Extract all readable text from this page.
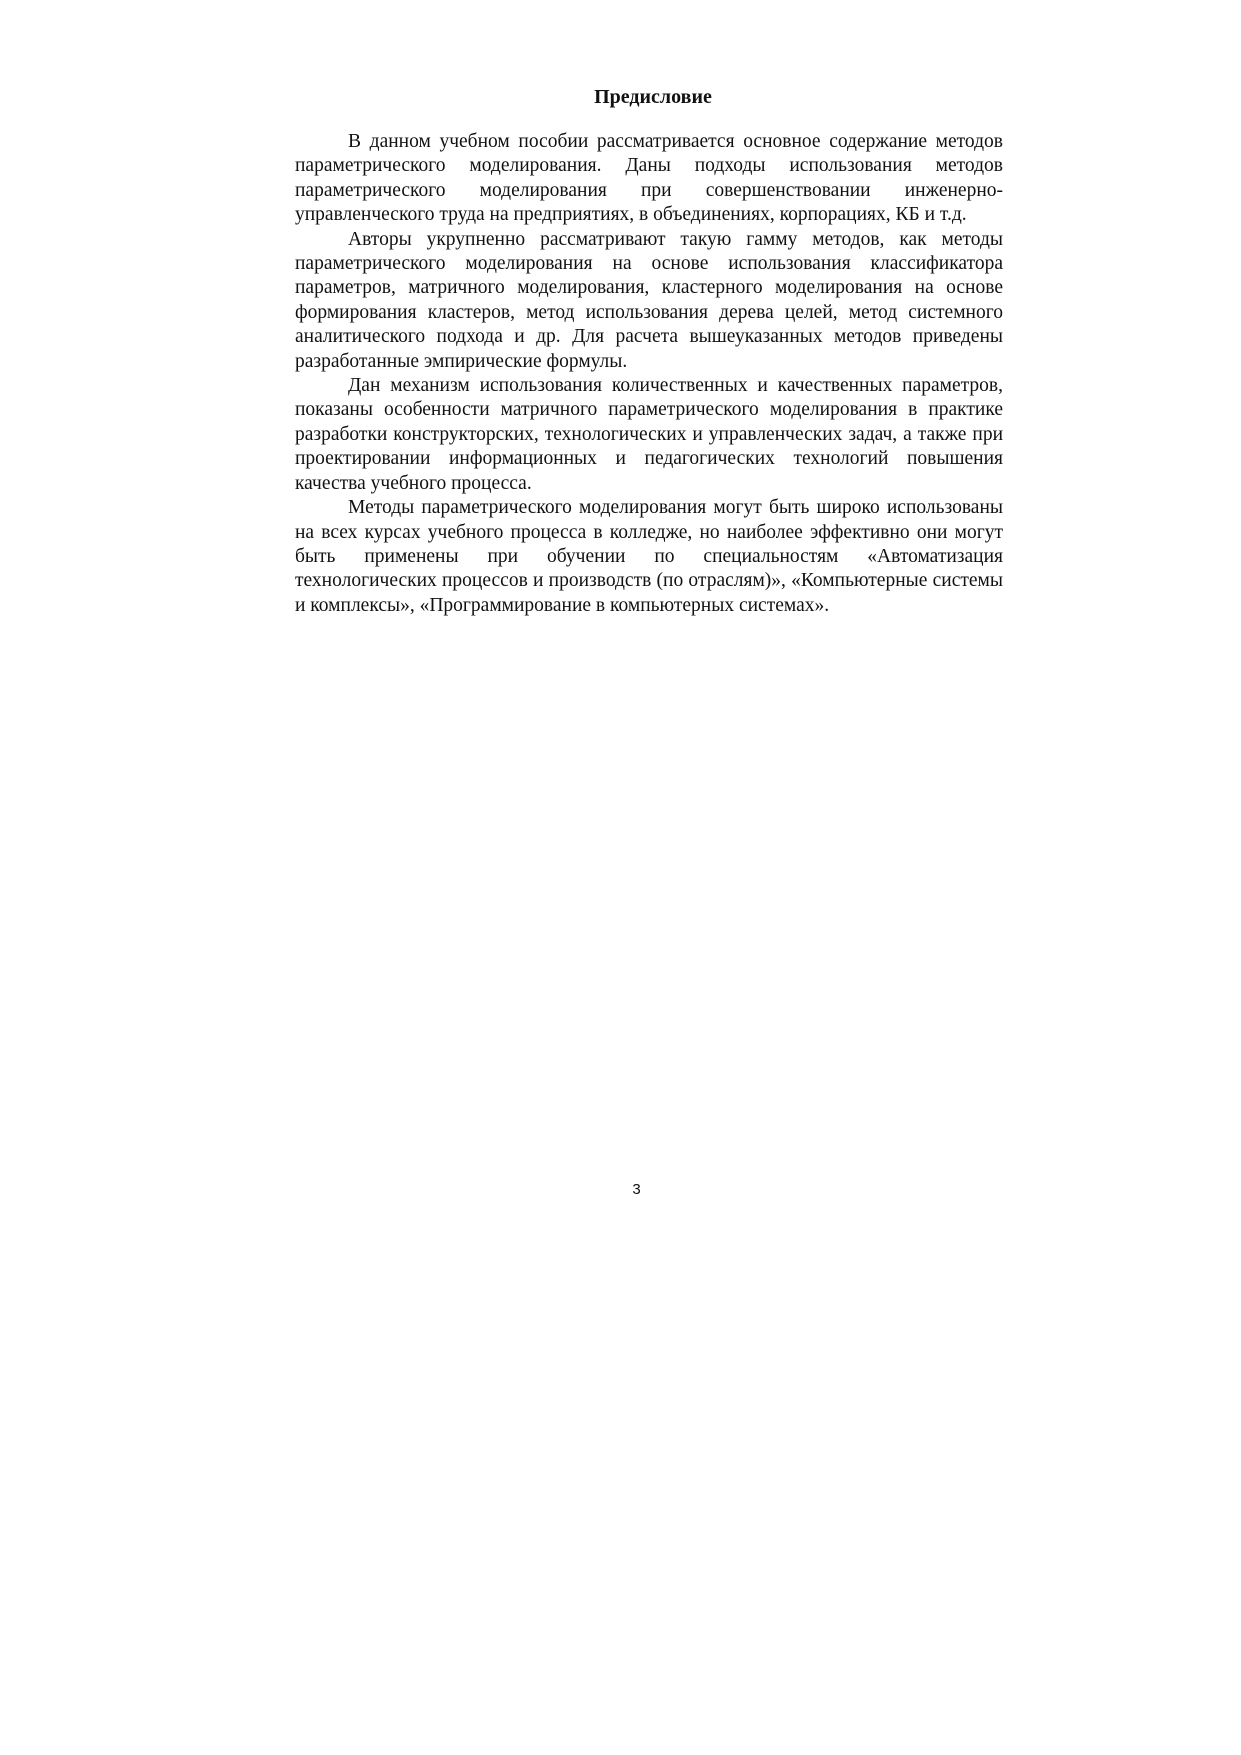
Предисловие

В данном учебном пособии рассматривается основное содержание методов параметрического моделирования. Даны подходы использования методов параметрического моделирования при совершенствовании инженерно-управленческого труда на предприятиях, в объединениях, корпорациях, КБ и т.д.

Авторы укрупненно рассматривают такую гамму методов, как методы параметрического моделирования на основе использования классификатора параметров, матричного моделирования, кластерного моделирования на основе формирования кластеров, метод использования дерева целей, метод системного аналитического подхода и др. Для расчета вышеуказанных методов приведены разработанные эмпирические формулы.

Дан механизм использования количественных и качественных параметров, показаны особенности матричного параметрического моделирования в практике разработки конструкторских, технологических и управленческих задач, а также при проектировании информационных и педагогических технологий повышения качества учебного процесса.

Методы параметрического моделирования могут быть широко использованы на всех курсах учебного процесса в колледже, но наиболее эффективно они могут быть применены при обучении по специальностям «Автоматизация технологических процессов и производств (по отраслям)», «Компьютерные системы и комплексы», «Программирование в компьютерных системах».

3
